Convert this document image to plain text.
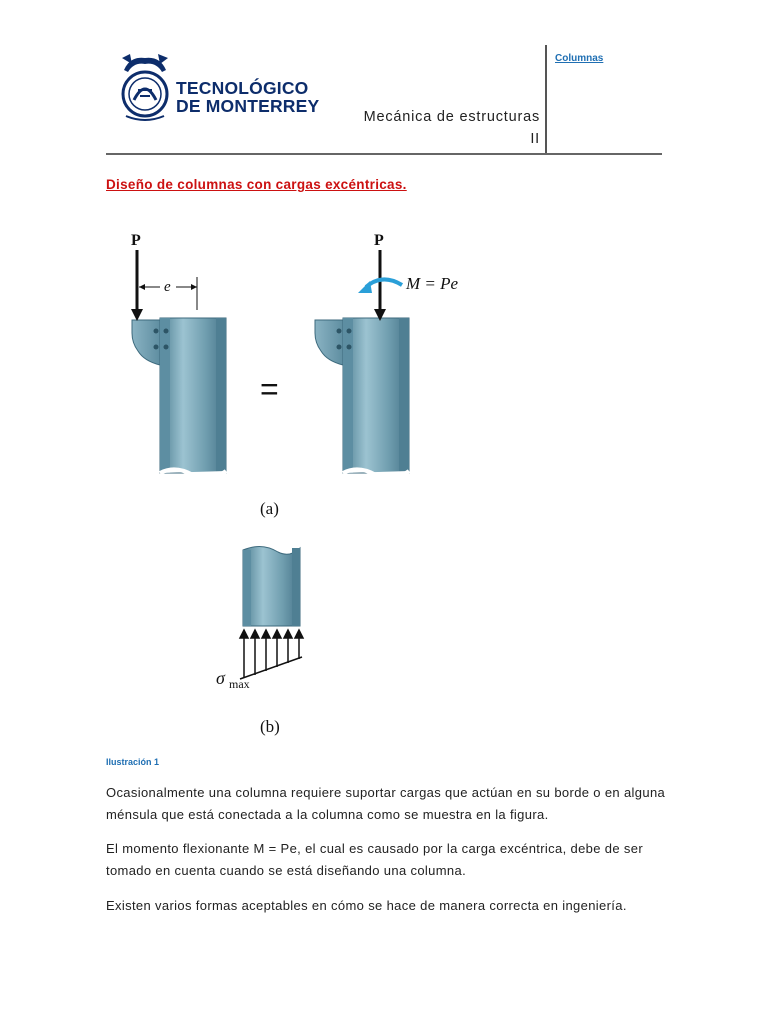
TECNOLÓGICO
DE MONTERREY
Mecánica de estructuras
II
Columnas
Diseño de columnas con cargas excéntricas.
P
e
=
P
M = Pe
(a)
σ max
(b)
Ilustración 1
Ocasionalmente una columna requiere suportar cargas que actúan en su borde o en alguna ménsula que está conectada a la columna como se muestra en la figura.
El momento flexionante M = Pe, el cual es causado por la carga excéntrica, debe de ser tomado en cuenta cuando se está diseñando una columna.
Existen varios formas aceptables en cómo se hace de manera correcta en ingeniería.
